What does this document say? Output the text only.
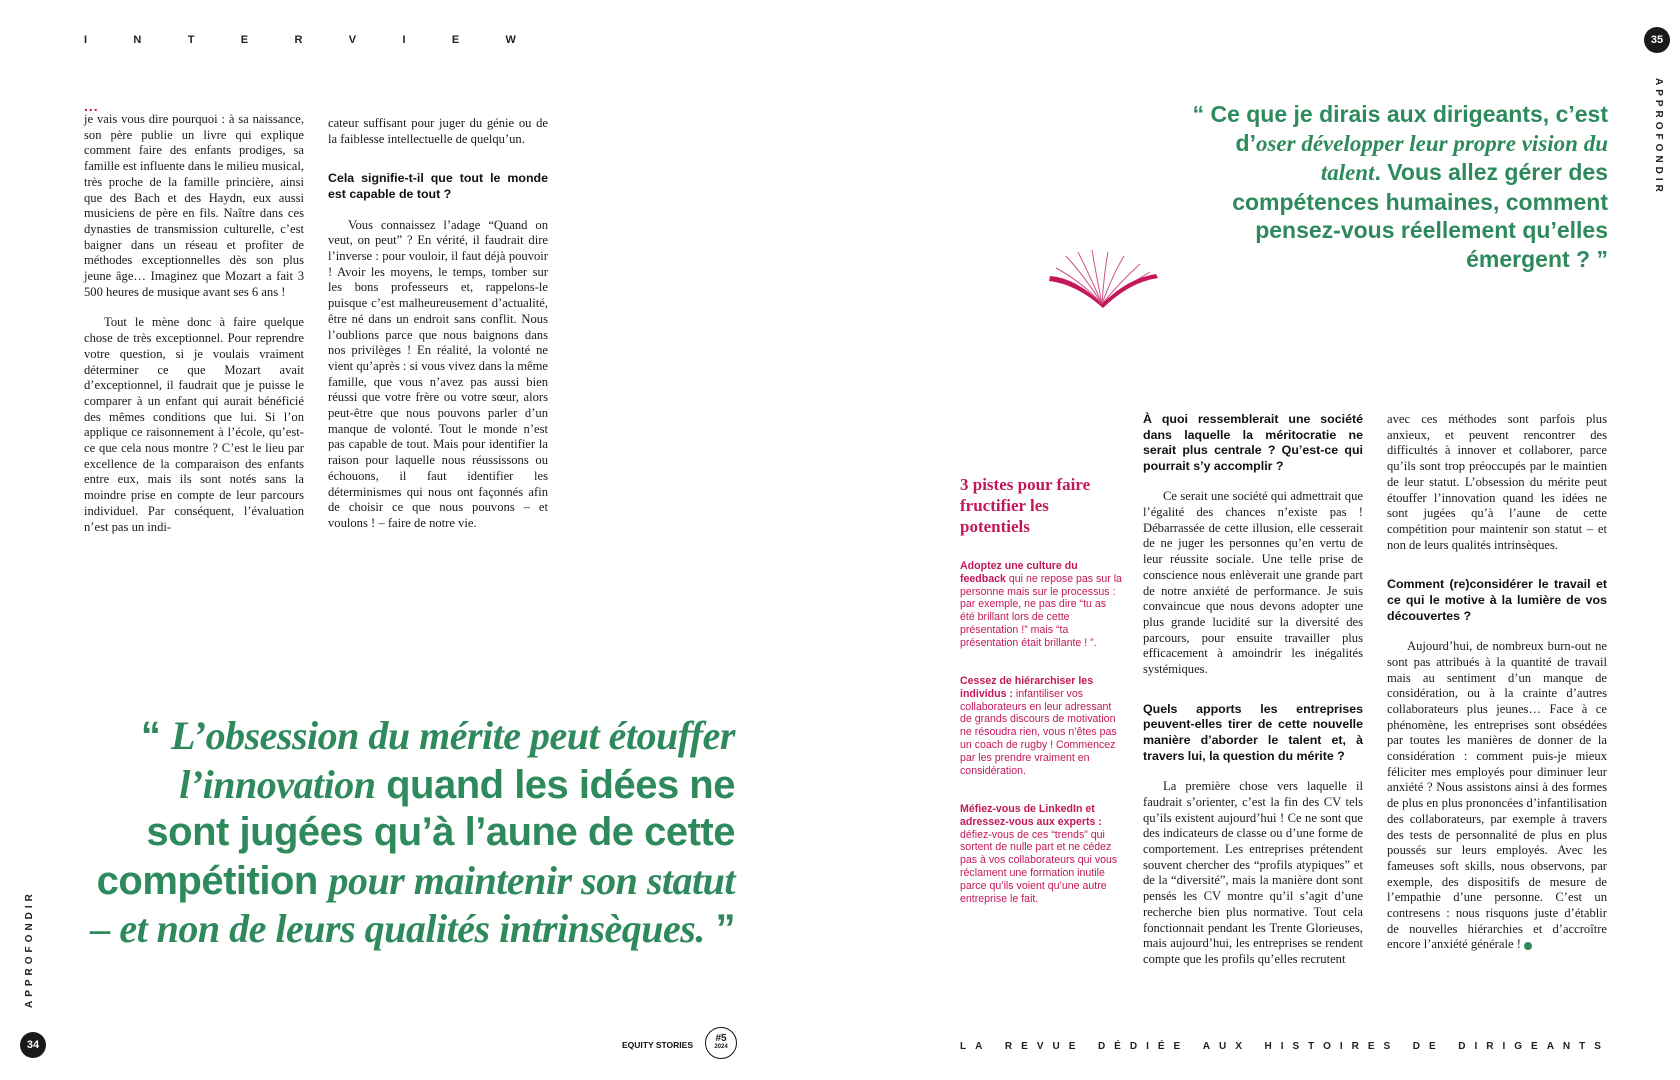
I	N	T	E	R	V	I	E	W
...

je vais vous dire pourquoi : à sa naissance, son père publie un livre qui explique comment faire des enfants prodiges, sa famille est influente dans le milieu musical, très proche de la famille princière, ainsi que des Bach et des Haydn, eux aussi musiciens de père en fils. Naître dans ces dynasties de transmission culturelle, c’est baigner dans un réseau et profiter de méthodes exceptionnelles dès son plus jeune âge… Imaginez que Mozart a fait 3 500 heures de musique avant ses 6 ans !

Tout le mène donc à faire quelque chose de très exceptionnel. Pour reprendre votre question, si je voulais vraiment déterminer ce que Mozart avait d’exceptionnel, il faudrait que je puisse le comparer à un enfant qui aurait bénéficié des mêmes conditions que lui. Si l’on applique ce raisonnement à l’école, qu’est-ce que cela nous montre ? C’est le lieu par excellence de la comparaison des enfants entre eux, mais ils sont notés sans la moindre prise en compte de leur parcours individuel. Par conséquent, l’évaluation n’est pas un indi-

cateur suffisant pour juger du génie ou de la faiblesse intellectuelle de quelqu’un.

Cela signifie-t-il que tout le monde est capable de tout ?

Vous connaissez l’adage “Quand on veut, on peut” ? En vérité, il faudrait dire l’inverse : pour vouloir, il faut déjà pouvoir ! Avoir les moyens, le temps, tomber sur les bons professeurs et, rappelons-le puisque c’est malheureusement d’actualité, être né dans un endroit sans conflit. Nous l’oublions parce que nous baignons dans nos privilèges ! En réalité, la volonté ne vient qu’après : si vous vivez dans la même famille, que vous n’avez pas aussi bien réussi que votre frère ou votre sœur, alors peut-être que nous pouvons parler d’un manque de volonté. Tout le monde n’est pas capable de tout. Mais pour identifier la raison pour laquelle nous réussissons ou échouons, il faut identifier les déterminismes qui nous ont façonnés afin de choisir ce que nous pouvons – et voulons ! – faire de notre vie.

“ L’obsession du mérite peut étouffer l’innovation quand les idées ne sont jugées qu’à l’aune de cette compétition pour maintenir son statut – et non de leurs qualités intrinsèques. ”
APPROFONDIR
34	EQUITY STORIES
#5
2024
35
APPROFONDIR
“ Ce que je dirais aux dirigeants, c’est d’oser développer leur propre vision du talent. Vous allez gérer des compétences humaines, comment pensez-vous réellement qu’elles émergent ? ”
3 pistes pour faire fructifier les potentiels
Adoptez une culture du feedback qui ne repose pas sur la personne mais sur le processus : par exemple, ne pas dire “tu as été brillant lors de cette présentation !” mais “ta présentation était brillante ! ”.
Cessez de hiérarchiser les individus : infantiliser vos collaborateurs en leur adressant de grands discours de motivation ne résoudra rien, vous n’êtes pas un coach de rugby ! Commencez par les prendre vraiment en considération.
Méfiez-vous de LinkedIn et adressez-vous aux experts : défiez-vous de ces “trends” qui sortent de nulle part et ne cédez pas à vos collaborateurs qui vous réclament une formation inutile parce qu’ils voient qu’une autre entreprise le fait.

À quoi ressemblerait une société dans laquelle la méritocratie ne serait plus centrale ? Qu’est-ce qui pourrait s’y accomplir ?

Ce serait une société qui admettrait que l’égalité des chances n’existe pas ! Débarrassée de cette illusion, elle cesserait de ne juger les personnes qu’en vertu de leur réussite sociale. Une telle prise de conscience nous enlèverait une grande part de notre anxiété de performance. Je suis convaincue que nous devons adopter une plus grande lucidité sur la diversité des parcours, pour ensuite travailler plus efficacement à amoindrir les inégalités systémiques.

Quels apports les entreprises peuvent-elles tirer de cette nouvelle manière d’aborder le talent et, à travers lui, la question du mérite ?

La première chose vers laquelle il faudrait s’orienter, c’est la fin des CV tels qu’ils existent aujourd’hui ! Ce ne sont que des indicateurs de classe ou d’une forme de comportement. Les entreprises prétendent souvent chercher des “profils atypiques” et de la “diversité”, mais la manière dont sont pensés les CV montre qu’il s’agit d’une recherche bien plus normative. Tout cela fonctionnait pendant les Trente Glorieuses, mais aujourd’hui, les entreprises se rendent compte que les profils qu’elles recrutent

avec ces méthodes sont parfois plus anxieux, et peuvent rencontrer des difficultés à innover et collaborer, parce qu’ils sont trop préoccupés par le maintien de leur statut. L’obsession du mérite peut étouffer l’innovation quand les idées ne sont jugées qu’à l’aune de cette compétition pour maintenir son statut – et non de leurs qualités intrinsèques.

Comment (re)considérer le travail et ce qui le motive à la lumière de vos découvertes ?

Aujourd’hui, de nombreux burn-out ne sont pas attribués à la quantité de travail mais au sentiment d’un manque de considération, ou à la crainte d’autres collaborateurs plus jeunes… Face à ce phénomène, les entreprises sont obsédées par toutes les manières de donner de la considération : comment puis-je mieux féliciter mes employés pour diminuer leur anxiété ? Nous assistons ainsi à des formes de plus en plus prononcées d’infantilisation des collaborateurs, par exemple à travers des tests de personnalité de plus en plus poussés sur leurs employés. Avec les fameuses soft skills, nous observons, par exemple, des dispositifs de mesure de l’empathie d’une personne. C’est un contresens : nous risquons juste d’établir de nouvelles hiérarchies et d’accroître encore l’anxiété générale !

LA REVUE DÉDIÉE AUX HISTOIRES DE DIRIGEANTS
